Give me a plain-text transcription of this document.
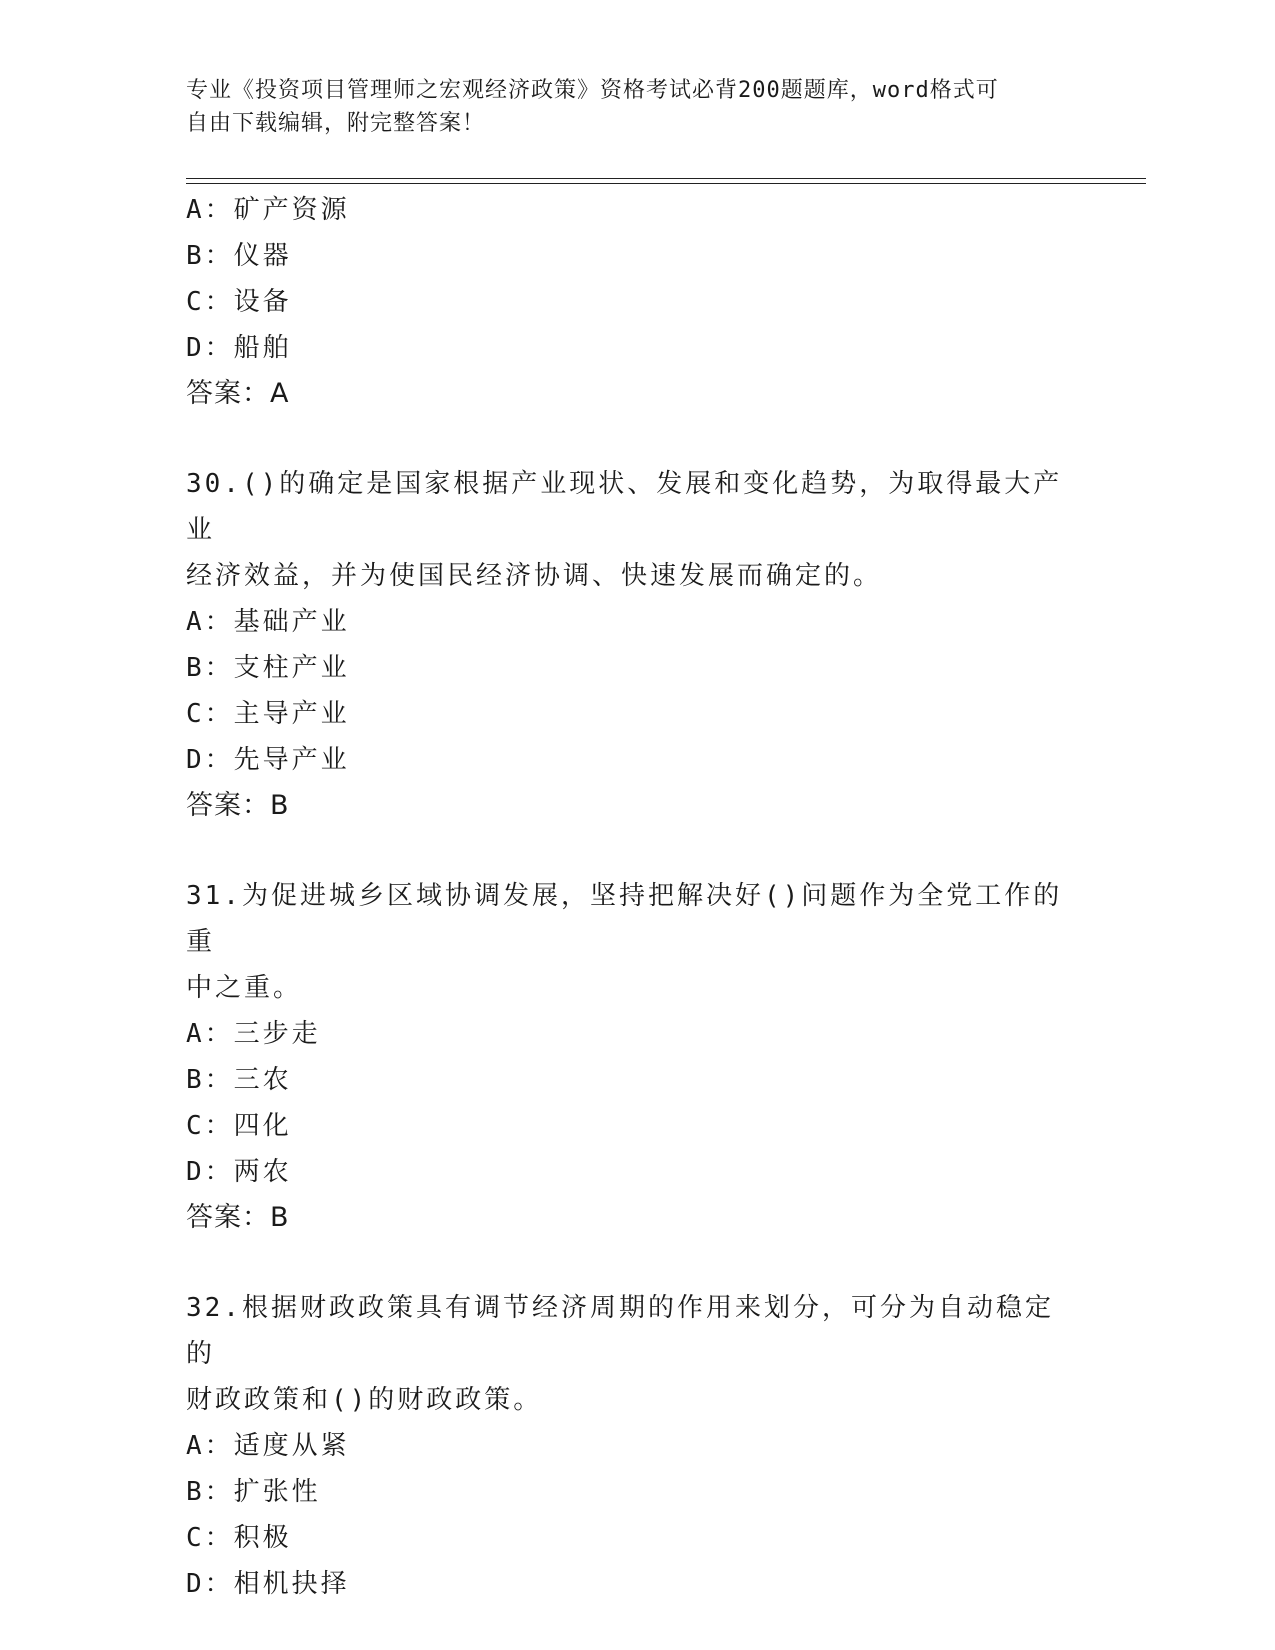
专业《投资项目管理师之宏观经济政策》资格考试必背200题题库，word格式可
自由下载编辑，附完整答案！
A：矿产资源
B：仪器
C：设备
D：船舶
答案：A
30.()的确定是国家根据产业现状、发展和变化趋势，为取得最大产业
经济效益，并为使国民经济协调、快速发展而确定的。
A：基础产业
B：支柱产业
C：主导产业
D：先导产业
答案：B
31.为促进城乡区域协调发展，坚持把解决好()问题作为全党工作的重
中之重。
A：三步走
B：三农
C：四化
D：两农
答案：B
32.根据财政政策具有调节经济周期的作用来划分，可分为自动稳定的
财政政策和()的财政政策。
A：适度从紧
B：扩张性
C：积极
D：相机抉择
